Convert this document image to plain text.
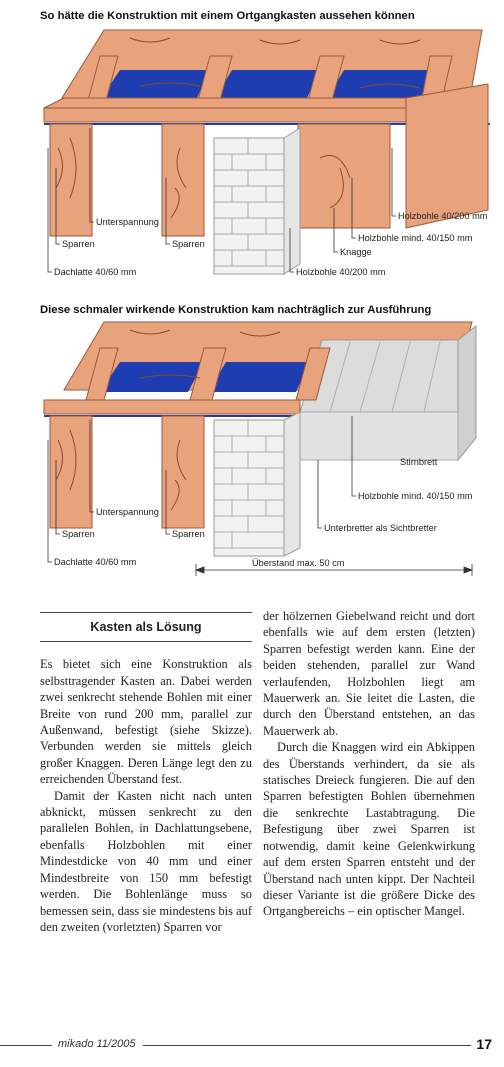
So hätte die Konstruktion mit einem Ortgangkasten aussehen können
Unterspannung
Sparren	Sparren
Dachlatte 40/60 mm
Holzbohle 40/200 mm
Holzbohle mind. 40/150 mm
Knagge
Holzbohle 40/200 mm
Diese schmaler wirkende Konstruktion kam nachträglich zur Ausführung
Unterspannung
Sparren	Sparren
Dachlatte 40/60 mm
Stirnbrett
Holzbohle mind. 40/150 mm
Unterbretter als Sichtbretter
Überstand max. 50 cm
Kasten als Lösung

Es bietet sich eine Konstruktion als selbsttragender Kasten an. Dabei werden zwei senkrecht stehende Bohlen mit einer Breite von rund 200 mm, parallel zur Außenwand, befestigt (siehe Skizze). Verbunden werden sie mittels gleich großer Knaggen. Deren Länge legt den zu erreichenden Überstand fest.

Damit der Kasten nicht nach unten abknickt, müssen senkrecht zu den parallelen Bohlen, in Dachlattungsebene, ebenfalls Holzbohlen mit einer Mindestdicke von 40 mm und einer Mindestbreite von 150 mm befestigt werden. Die Bohlenlänge muss so bemessen sein, dass sie mindestens bis auf den zweiten (vorletzten) Sparren vor

der hölzernen Giebelwand reicht und dort ebenfalls wie auf dem ersten (letzten) Sparren befestigt werden kann. Eine der beiden stehenden, parallel zur Wand verlaufenden, Holzbohlen liegt am Mauerwerk an. Sie leitet die Lasten, die durch den Überstand entstehen, an das Mauerwerk ab.

Durch die Knaggen wird ein Abkippen des Überstands verhindert, da sie als statisches Dreieck fungieren. Die auf den Sparren befestigten Bohlen übernehmen die senkrechte Lastabtragung. Die Befestigung über zwei Sparren ist notwendig, damit keine Gelenkwirkung auf dem ersten Sparren entsteht und der Überstand nach unten kippt. Der Nachteil dieser Variante ist die größere Dicke des Ortgangbereichs – ein optischer Mangel.

mikado 11/2005	17
